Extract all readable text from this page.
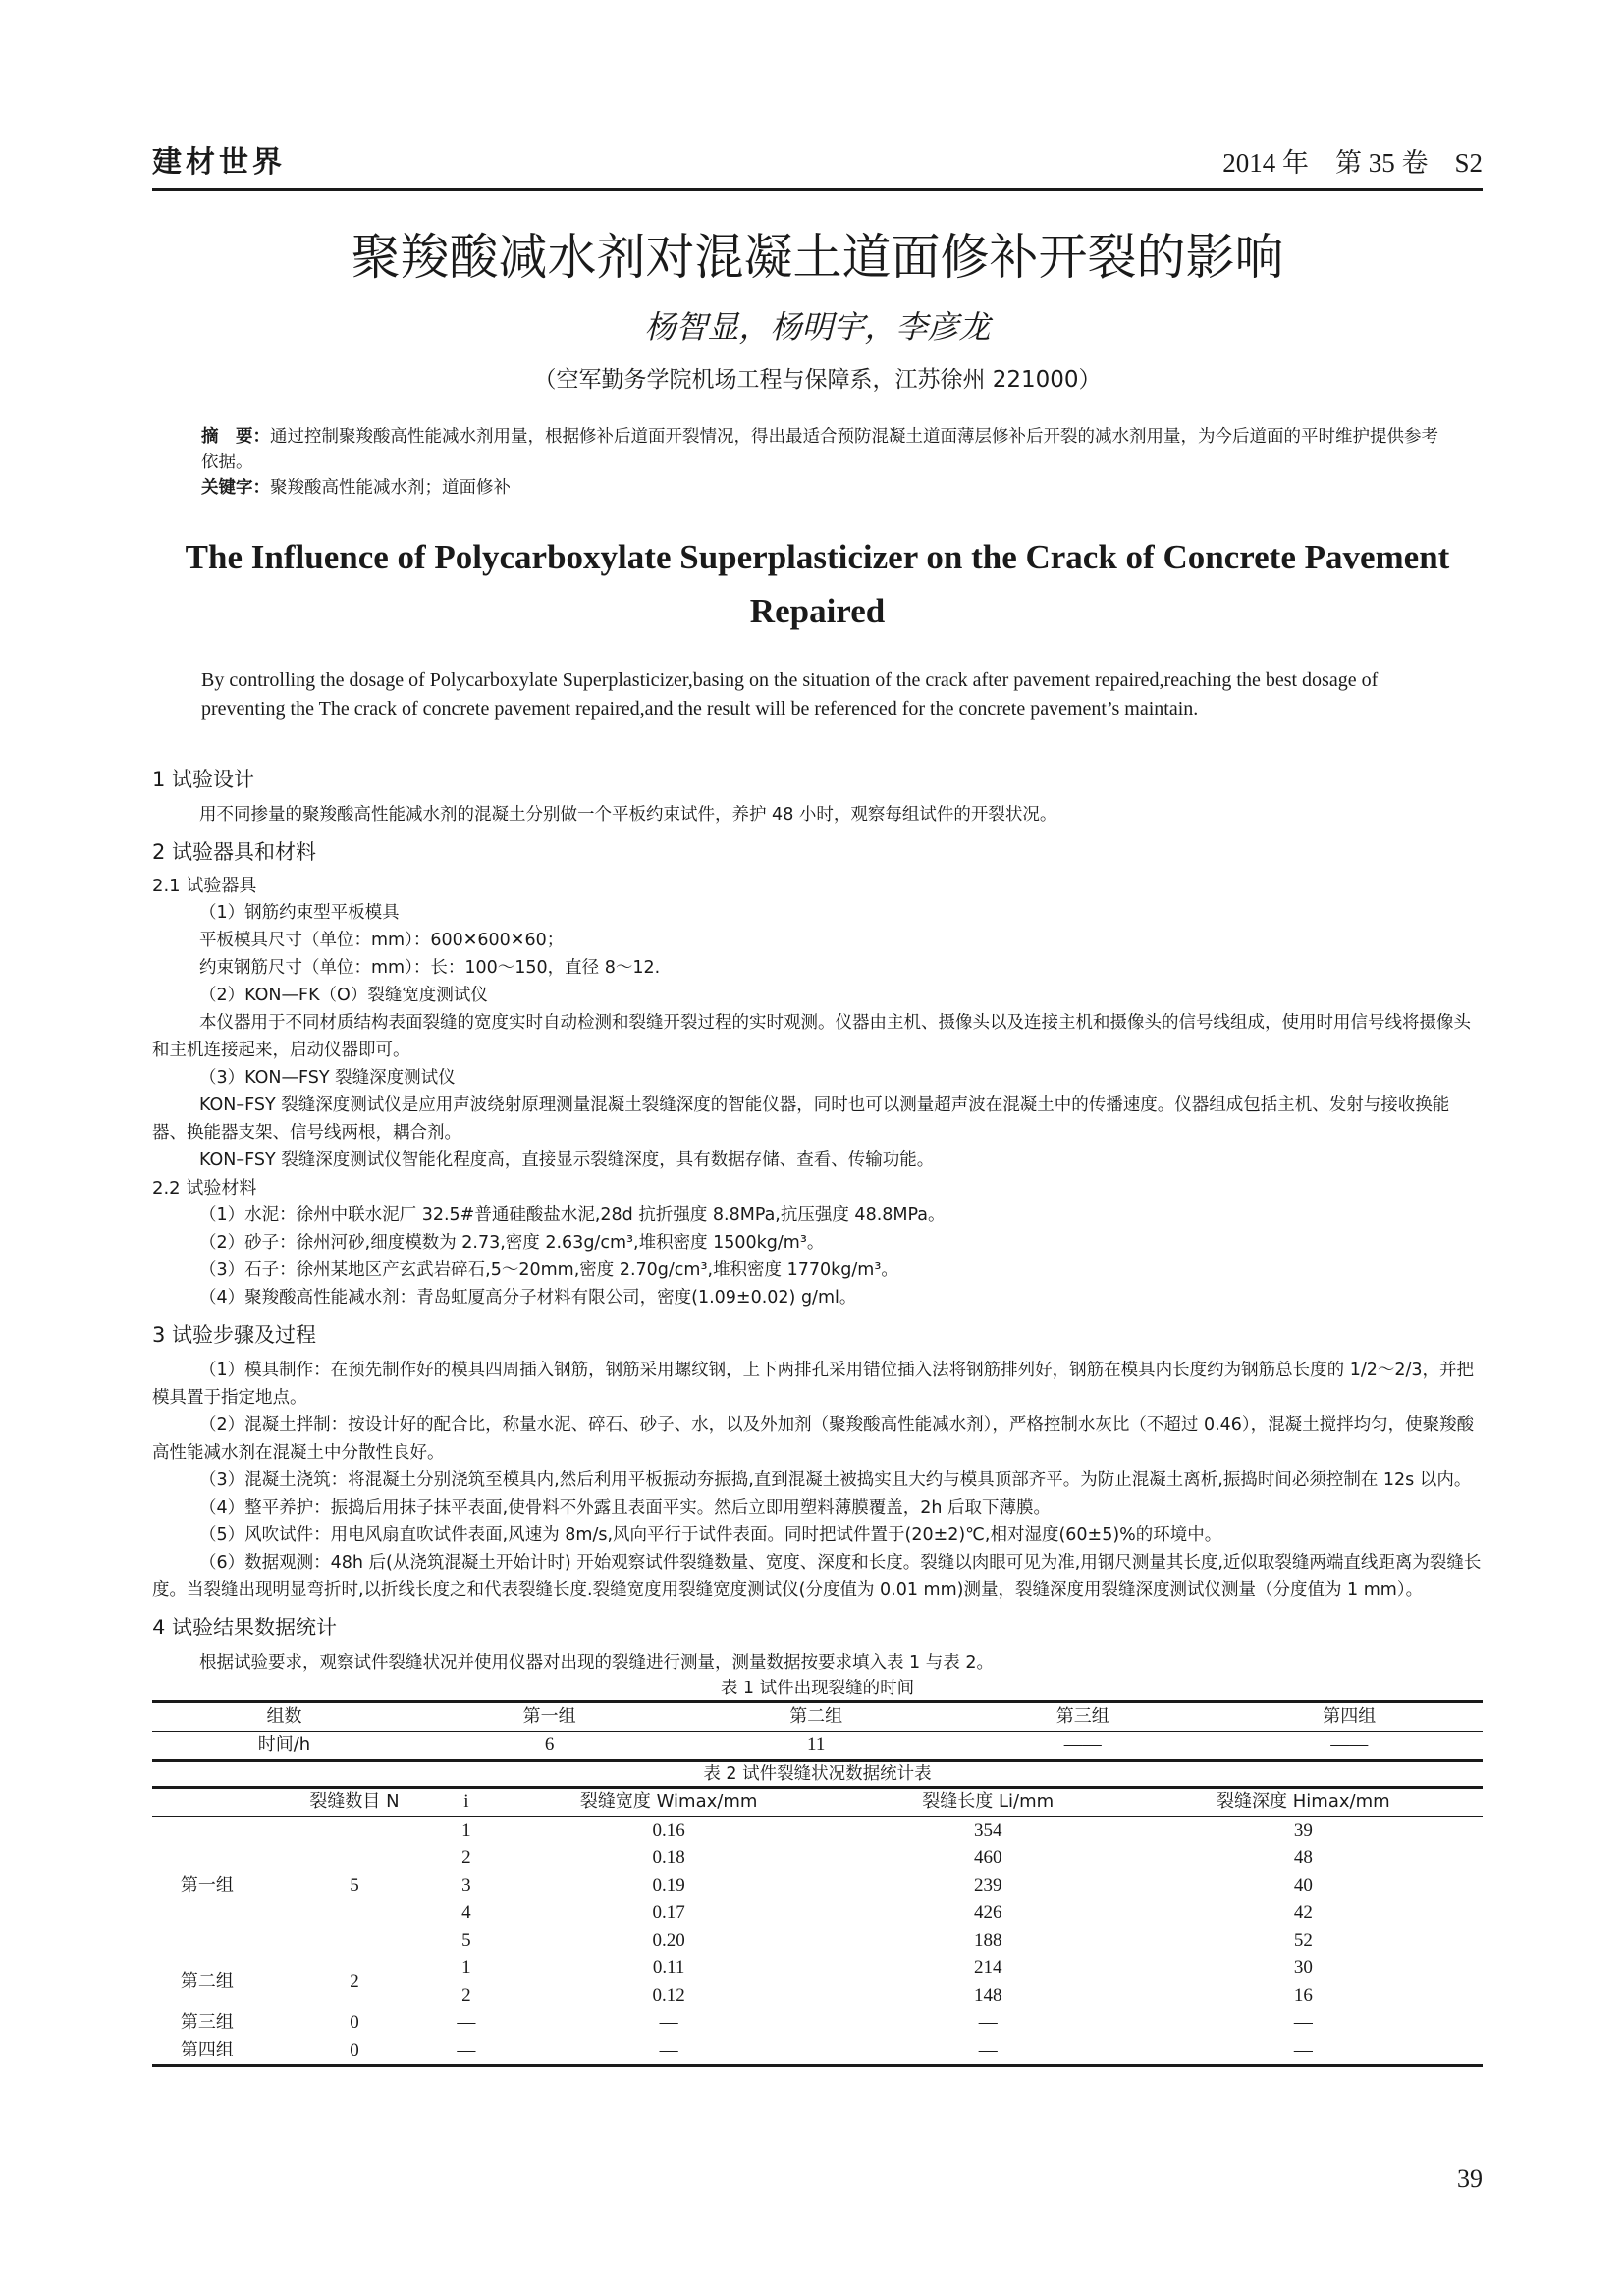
建材世界	2014 年　第 35 卷　S2
聚羧酸减水剂对混凝土道面修补开裂的影响
杨智显，杨明宇，李彦龙
（空军勤务学院机场工程与保障系，江苏徐州 221000）
摘　要：通过控制聚羧酸高性能减水剂用量，根据修补后道面开裂情况，得出最适合预防混凝土道面薄层修补后开裂的减水剂用量，为今后道面的平时维护提供参考依据。
关键字：聚羧酸高性能减水剂；道面修补
The Influence of Polycarboxylate Superplasticizer on the Crack of Concrete Pavement Repaired
By controlling the dosage of Polycarboxylate Superplasticizer,basing on the situation of the crack after pavement repaired,reaching the best dosage of preventing the The crack of concrete pavement repaired,and the result will be referenced for the concrete pavement’s maintain.
1 试验设计
用不同掺量的聚羧酸高性能减水剂的混凝土分别做一个平板约束试件，养护 48 小时，观察每组试件的开裂状况。
2 试验器具和材料
2.1 试验器具
（1）钢筋约束型平板模具
平板模具尺寸（单位：mm）：600✕600✕60；
约束钢筋尺寸（单位：mm）：长：100～150，直径 8～12.
（2）KON—FK（O）裂缝宽度测试仪
本仪器用于不同材质结构表面裂缝的宽度实时自动检测和裂缝开裂过程的实时观测。仪器由主机、摄像头以及连接主机和摄像头的信号线组成，使用时用信号线将摄像头和主机连接起来，启动仪器即可。
（3）KON—FSY 裂缝深度测试仪
KON–FSY 裂缝深度测试仪是应用声波绕射原理测量混凝土裂缝深度的智能仪器，同时也可以测量超声波在混凝土中的传播速度。仪器组成包括主机、发射与接收换能器、换能器支架、信号线两根，耦合剂。
KON–FSY 裂缝深度测试仪智能化程度高，直接显示裂缝深度，具有数据存储、查看、传输功能。
2.2 试验材料
（1）水泥：徐州中联水泥厂 32.5#普通硅酸盐水泥,28d 抗折强度 8.8MPa,抗压强度 48.8MPa。
（2）砂子：徐州河砂,细度模数为 2.73,密度 2.63g/cm³,堆积密度 1500kg/m³。
（3）石子：徐州某地区产玄武岩碎石,5～20mm,密度 2.70g/cm³,堆积密度 1770kg/m³。
（4）聚羧酸高性能减水剂：青岛虹厦高分子材料有限公司，密度(1.09±0.02) g/ml。
3 试验步骤及过程
（1）模具制作：在预先制作好的模具四周插入钢筋，钢筋采用螺纹钢，上下两排孔采用错位插入法将钢筋排列好，钢筋在模具内长度约为钢筋总长度的 1/2～2/3，并把模具置于指定地点。
（2）混凝土拌制：按设计好的配合比，称量水泥、碎石、砂子、水，以及外加剂（聚羧酸高性能减水剂），严格控制水灰比（不超过 0.46），混凝土搅拌均匀，使聚羧酸高性能减水剂在混凝土中分散性良好。
（3）混凝土浇筑：将混凝土分别浇筑至模具内,然后利用平板振动夯振捣,直到混凝土被捣实且大约与模具顶部齐平。为防止混凝土离析,振捣时间必须控制在 12s 以内。
（4）整平养护：振捣后用抹子抹平表面,使骨料不外露且表面平实。然后立即用塑料薄膜覆盖，2h 后取下薄膜。
（5）风吹试件：用电风扇直吹试件表面,风速为 8m/s,风向平行于试件表面。同时把试件置于(20±2)℃,相对湿度(60±5)%的环境中。
（6）数据观测：48h 后(从浇筑混凝土开始计时) 开始观察试件裂缝数量、宽度、深度和长度。裂缝以肉眼可见为准,用钢尺测量其长度,近似取裂缝两端直线距离为裂缝长度。当裂缝出现明显弯折时,以折线长度之和代表裂缝长度.裂缝宽度用裂缝宽度测试仪(分度值为 0.01 mm)测量，裂缝深度用裂缝深度测试仪测量（分度值为 1 mm）。
4 试验结果数据统计
根据试验要求，观察试件裂缝状况并使用仪器对出现的裂缝进行测量，测量数据按要求填入表 1 与表 2。
表 1 试件出现裂缝的时间
组数	第一组	第二组	第三组	第四组
时间/h	6	11	——	——
表 2 试件裂缝状况数据统计表
	裂缝数目 N	i	裂缝宽度 Wimax/mm	裂缝长度 Li/mm	裂缝深度 Himax/mm
第一组	5	1	0.16	354	39
		2	0.18	460	48
		3	0.19	239	40
		4	0.17	426	42
		5	0.20	188	52
第二组	2	1	0.11	214	30
		2	0.12	148	16
第三组	0	—	—	—	—
第四组	0	—	—	—	—
39
